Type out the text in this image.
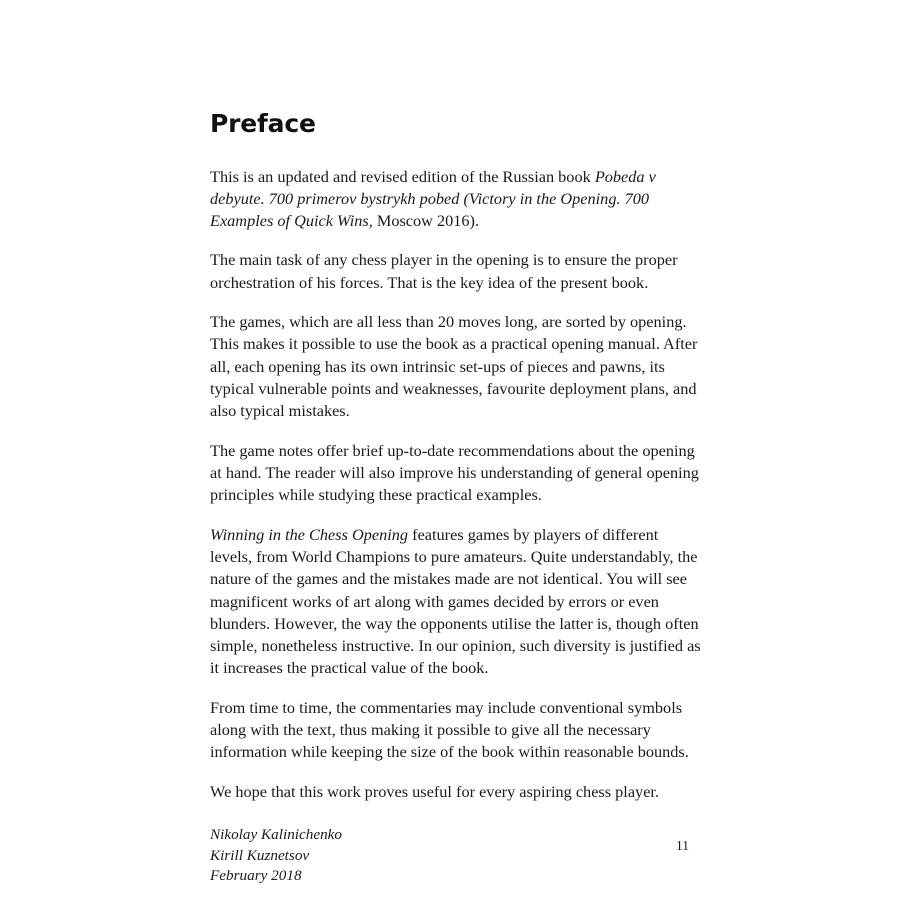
Preface

This is an updated and revised edition of the Russian book Pobeda v debyute. 700 primerov bystrykh pobed (Victory in the Opening. 700 Examples of Quick Wins, Moscow 2016).

The main task of any chess player in the opening is to ensure the proper orchestration of his forces. That is the key idea of the present book.

The games, which are all less than 20 moves long, are sorted by opening. This makes it possible to use the book as a practical opening manual. After all, each opening has its own intrinsic set-ups of pieces and pawns, its typical vulnerable points and weaknesses, favourite deployment plans, and also typical mistakes.

The game notes offer brief up-to-date recommendations about the opening at hand. The reader will also improve his understanding of general opening principles while studying these practical examples.

Winning in the Chess Opening features games by players of different levels, from World Champions to pure amateurs. Quite understandably, the nature of the games and the mistakes made are not identical. You will see magnificent works of art along with games decided by errors or even blunders. However, the way the opponents utilise the latter is, though often simple, nonetheless instructive. In our opinion, such diversity is justified as it increases the practical value of the book.

From time to time, the commentaries may include conventional symbols along with the text, thus making it possible to give all the necessary information while keeping the size of the book within reasonable bounds.

We hope that this work proves useful for every aspiring chess player.

Nikolay Kalinichenko
Kirill Kuznetsov
February 2018
11
